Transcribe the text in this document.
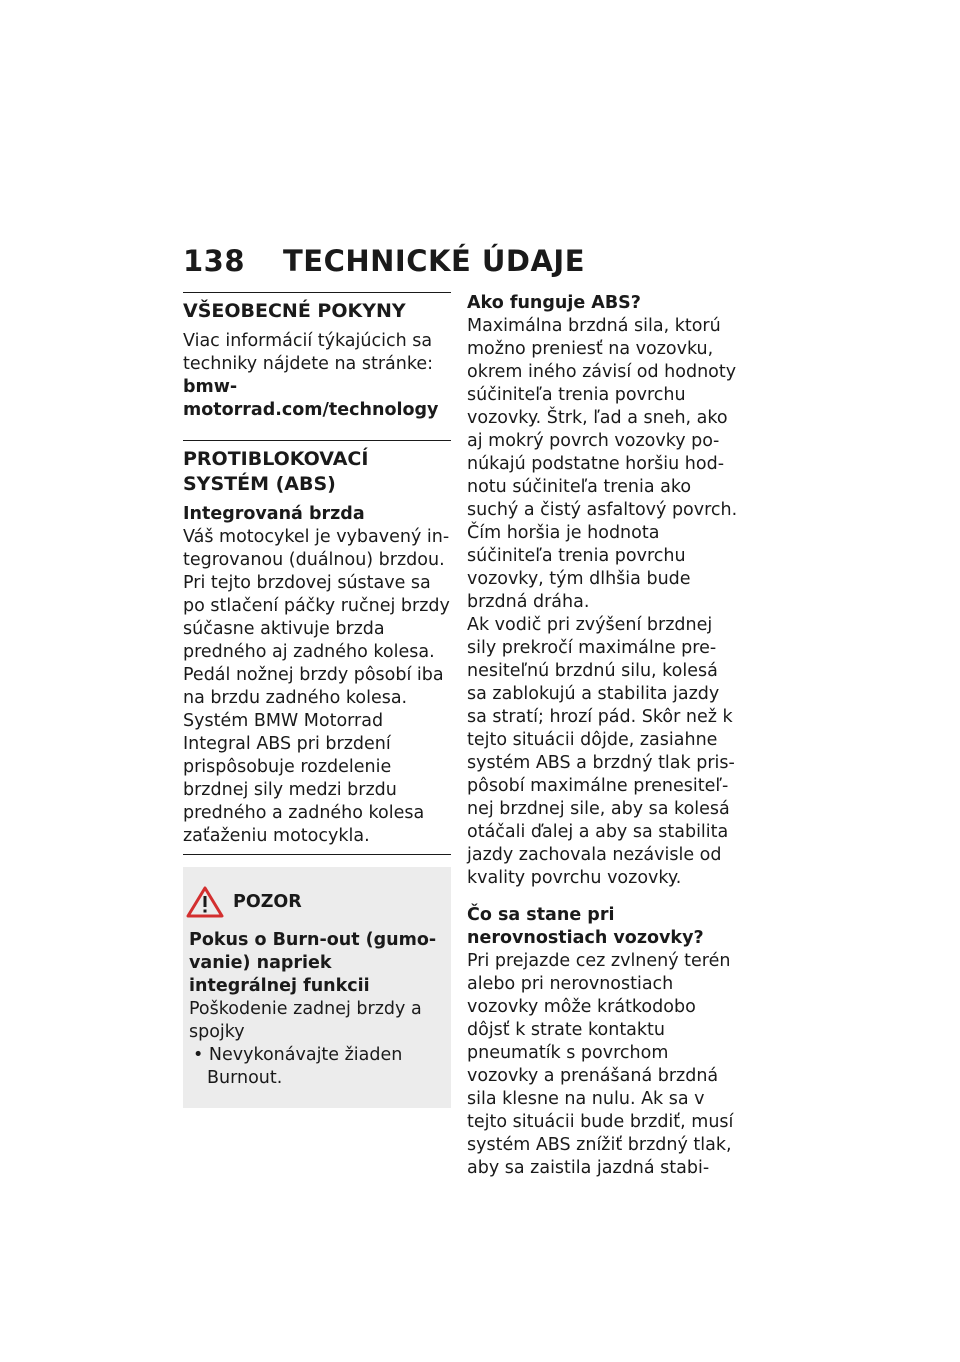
138 TECHNICKÉ ÚDAJE
VŠEOBECNÉ POKYNY

Viac informácií týkajúcich sa techniky nájdete na stránke:

bmw-motorrad.com/technology

PROTIBLOKOVACÍ SYSTÉM (ABS)
Integrovaná brzda

Váš motocykel je vybavený integrovanou (duálnou) brzdou. Pri tejto brzdovej sústave sa po stlačení páčky ručnej brzdy súčasne aktivuje brzda predného aj zadného kolesa. Pedál nožnej brzdy pôsobí iba na brzdu zadného kolesa.

Systém BMW Motorrad Integral ABS pri brzdení prispôsobuje rozdelenie brzdnej sily medzi brzdu predného a zadného kolesa zaťaženiu motocykla.

POZOR

Pokus o Burn-out (gumovanie) napriek integrálnej funkcii

Poškodenie zadnej brzdy a spojky

• Nevykonávajte žiaden Burnout.

Ako funguje ABS?

Maximálna brzdná sila, ktorú možno preniesť na vozovku, okrem iného závisí od hodnoty súčiniteľa trenia povrchu vozovky. Štrk, ľad a sneh, ako aj mokrý povrch vozovky ponúkajú podstatne horšiu hodnotu súčiniteľa trenia ako suchý a čistý asfaltový povrch. Čím horšia je hodnota súčiniteľa trenia povrchu vozovky, tým dlhšia bude brzdná dráha.

Ak vodič pri zvýšení brzdnej sily prekročí maximálne prenesiteľnú brzdnú silu, kolesá sa zablokujú a stabilita jazdy sa stratí; hrozí pád. Skôr než k tejto situácii dôjde, zasiahne systém ABS a brzdný tlak prispôsobí maximálne prenesiteľnej brzdnej sile, aby sa kolesá otáčali ďalej a aby sa stabilita jazdy zachovala nezávisle od kvality povrchu vozovky.

Čo sa stane pri nerovnostiach vozovky?

Pri prejazde cez zvlnený terén alebo pri nerovnostiach vozovky môže krátkodobo dôjsť k strate kontaktu pneumatík s povrchom vozovky a prenášaná brzdná sila klesne na nulu. Ak sa v tejto situácii bude brzdiť, musí systém ABS znížiť brzdný tlak, aby sa zaistila jazdná stabi-
